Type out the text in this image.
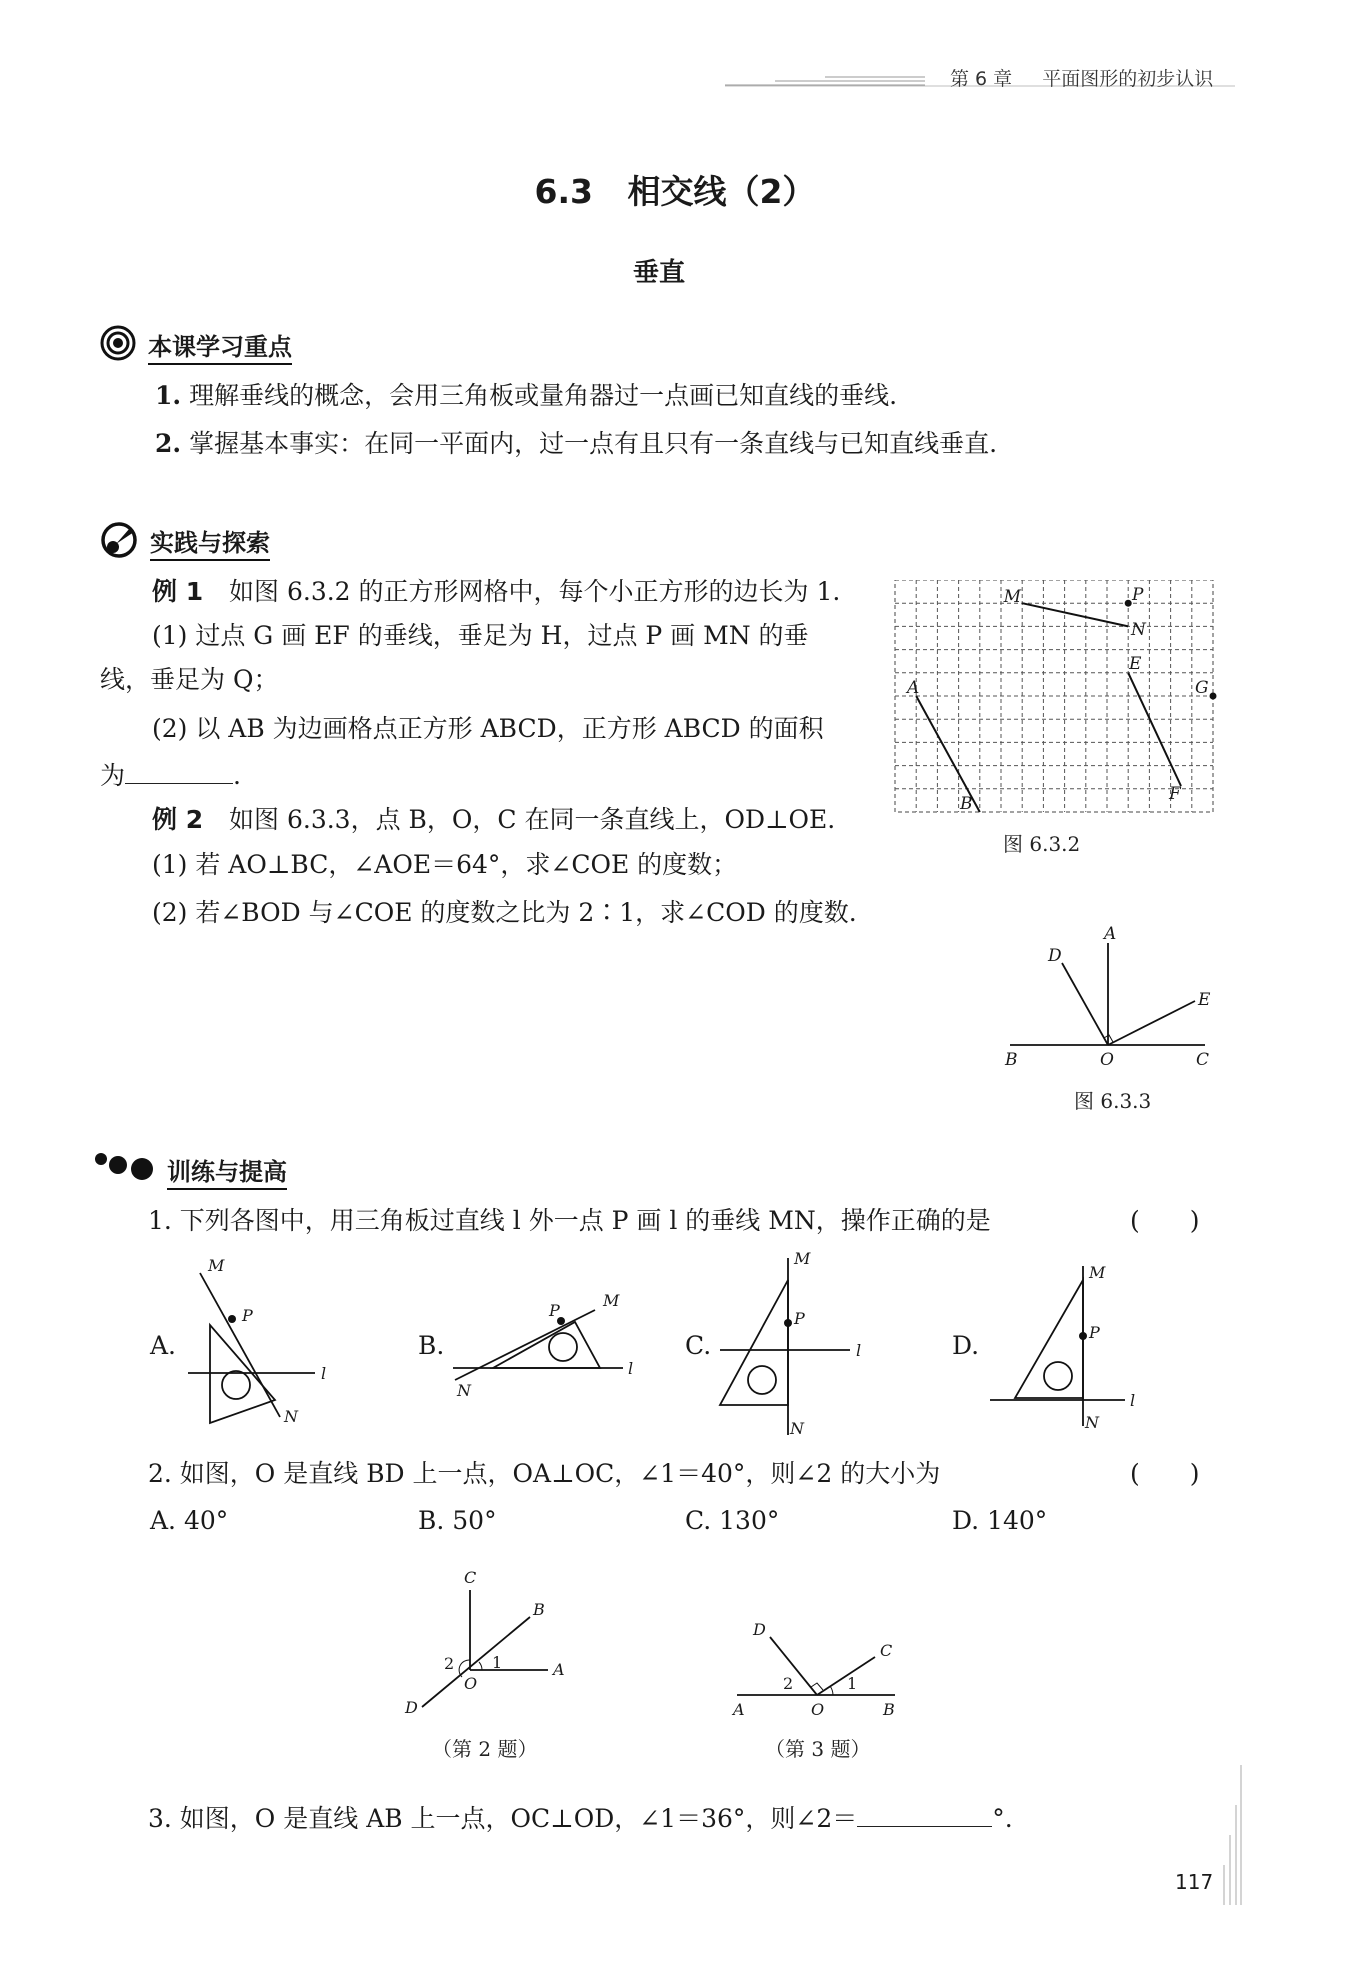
第 6 章 平面图形的初步认识
6.3   相交线（2）
垂直
本课学习重点
1. 理解垂线的概念，会用三角板或量角器过一点画已知直线的垂线.
2. 掌握基本事实：在同一平面内，过一点有且只有一条直线与已知直线垂直.
实践与探索
例 1 如图 6.3.2 的正方形网格中，每个小正方形的边长为 1.
(1) 过点 G 画 EF 的垂线，垂足为 H，过点 P 画 MN 的垂
线，垂足为 Q；
(2) 以 AB 为边画格点正方形 ABCD，正方形 ABCD 的面积
为	.
M	P
N
E
A	G
B	F
图 6.3.2
例 2 如图 6.3.3，点 B，O，C 在同一条直线上，OD⊥OE.
(1) 若 AO⊥BC，∠AOE＝64°，求∠COE 的度数；
(2) 若∠BOD 与∠COE 的度数之比为 2∶1，求∠COD 的度数.
D
A
E
B	O	C
图 6.3.3
训练与提高
1. 下列各图中，用三角板过直线 l 外一点 P 画 l 的垂线 MN，操作正确的是	(　　)
A.	B.	C.	D.
M
P
N
l
M
P
N
l
M
P
N
l
M
P
N
l
2. 如图，O 是直线 BD 上一点，OA⊥OC，∠1＝40°，则∠2 的大小为	(　　)
A. 40°	B. 50°	C. 130°	D. 140°
C
B
2 1	A
O
D
（第 2 题）
D
C
2	1
A	O	B
（第 3 题）
3. 如图，O 是直线 AB 上一点，OC⊥OD，∠1＝36°，则∠2＝	°.
117
